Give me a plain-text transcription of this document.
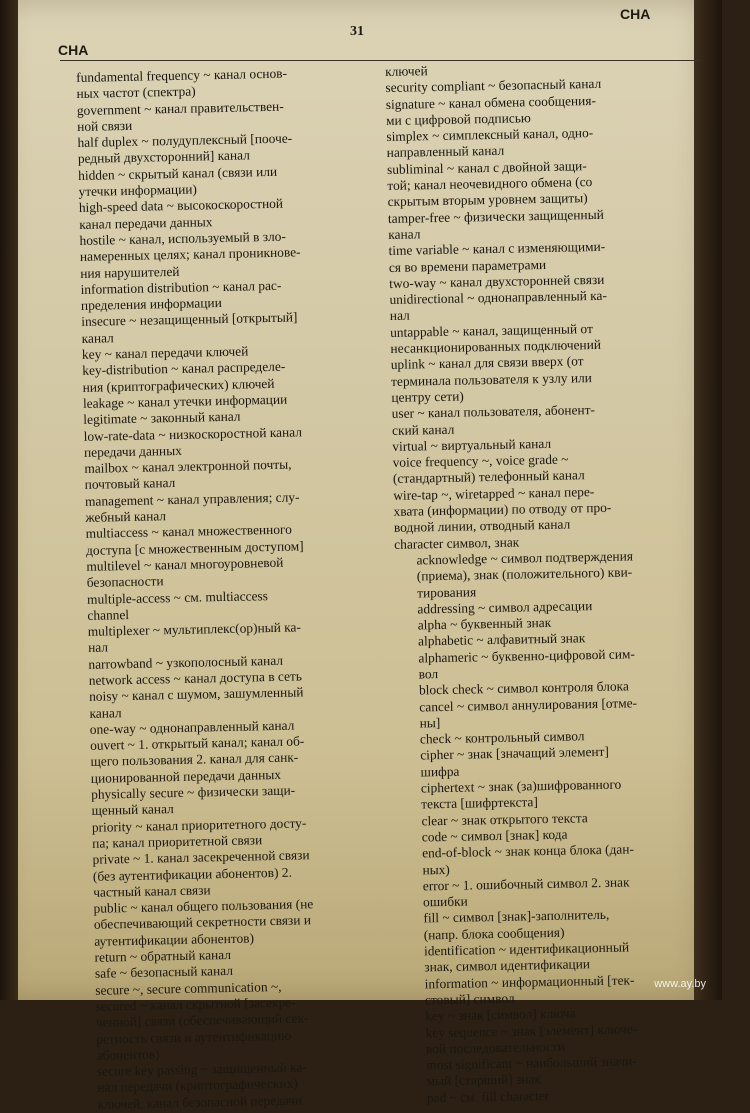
CHA
31
CHA
fundamental frequency ~ канал основ-
ных частот (спектра)
government ~ канал правительствен-
ной связи
half duplex ~ полудуплексный [пооче-
редный двухсторонний] канал
hidden ~ скрытый канал (связи или
утечки информации)
high-speed data ~ высокоскоростной
канал передачи данных
hostile ~ канал, используемый в зло-
намеренных целях; канал проникнове-
ния нарушителей
information distribution ~ канал рас-
пределения информации
insecure ~ незащищенный [открытый]
канал
key ~ канал передачи ключей
key-distribution ~ канал распределе-
ния (криптографических) ключей
leakage ~ канал утечки информации
legitimate ~ законный канал
low-rate-data ~ низкоскоростной канал
передачи данных
mailbox ~ канал электронной почты,
почтовый канал
management ~ канал управления; слу-
жебный канал
multiaccess ~ канал множественного
доступа [с множественным доступом]
multilevel ~ канал многоуровневой
безопасности
multiple-access ~ см. multiaccess
channel
multiplexer ~ мультиплекс(ор)ный ка-
нал
narrowband ~ узкополосный канал
network access ~ канал доступа в сеть
noisy ~ канал с шумом, зашумленный
канал
one-way ~ однонаправленный канал
ouvert ~ 1. открытый канал; канал об-
щего пользования 2. канал для санк-
ционированной передачи данных
physically secure ~ физически защи-
щенный канал
priority ~ канал приоритетного досту-
па; канал приоритетной связи
private ~ 1. канал засекреченной связи
(без аутентификации абонентов) 2.
частный канал связи
public ~ канал общего пользования (не
обеспечивающий секретности связи и
аутентификации абонентов)
return ~ обратный канал
safe ~ безопасный канал
secure ~, secure communication ~,
secured ~ канал скрытной [засекре-
ченной] связи (обеспечивающий сек-
ретность связи и аутентификацию
абонентов)
secure key passing ~ защищенный ка-
нал передачи (криптографических)
ключей, канал безопасной передачи
ключей
security compliant ~ безопасный канал
signature ~ канал обмена сообщения-
ми с цифровой подписью
simplex ~ симплексный канал, одно-
направленный канал
subliminal ~ канал с двойной защи-
той; канал неочевидного обмена (со
скрытым вторым уровнем защиты)
tamper-free ~ физически защищенный
канал
time variable ~ канал с изменяющими-
ся во времени параметрами
two-way ~ канал двухсторонней связи
unidirectional ~ однонаправленный ка-
нал
untappable ~ канал, защищенный от
несанкционированных подключений
uplink ~ канал для связи вверх (от
терминала пользователя к узлу или
центру сети)
user ~ канал пользователя, абонент-
ский канал
virtual ~ виртуальный канал
voice frequency ~, voice grade ~
(стандартный) телефонный канал
wire-tap ~, wiretapped ~ канал пере-
хвата (информации) по отводу от про-
водной линии, отводный канал
character символ, знак
acknowledge ~ символ подтверждения
(приема), знак (положительного) кви-
тирования
addressing ~ символ адресации
alpha ~ буквенный знак
alphabetic ~ алфавитный знак
alphameric ~ буквенно-цифровой сим-
вол
block check ~ символ контроля блока
cancel ~ символ аннулирования [отме-
ны]
check ~ контрольный символ
cipher ~ знак [значащий элемент]
шифра
ciphertext ~ знак (за)шифрованного
текста [шифртекста]
clear ~ знак открытого текста
code ~ символ [знак] кода
end-of-block ~ знак конца блока (дан-
ных)
error ~ 1. ошибочный символ 2. знак
ошибки
fill ~ символ [знак]-заполнитель,
(напр. блока сообщения)
identification ~ идентификационный
знак, символ идентификации
information ~ информационный [тек-
стовый] символ
key ~ знак [символ] ключа
key sequence ~ знак [элемент] ключе-
вой последовательности
most significant ~ наибольший значи-
мый [старший] знак
pad ~ см. fill character
www.ay.by
